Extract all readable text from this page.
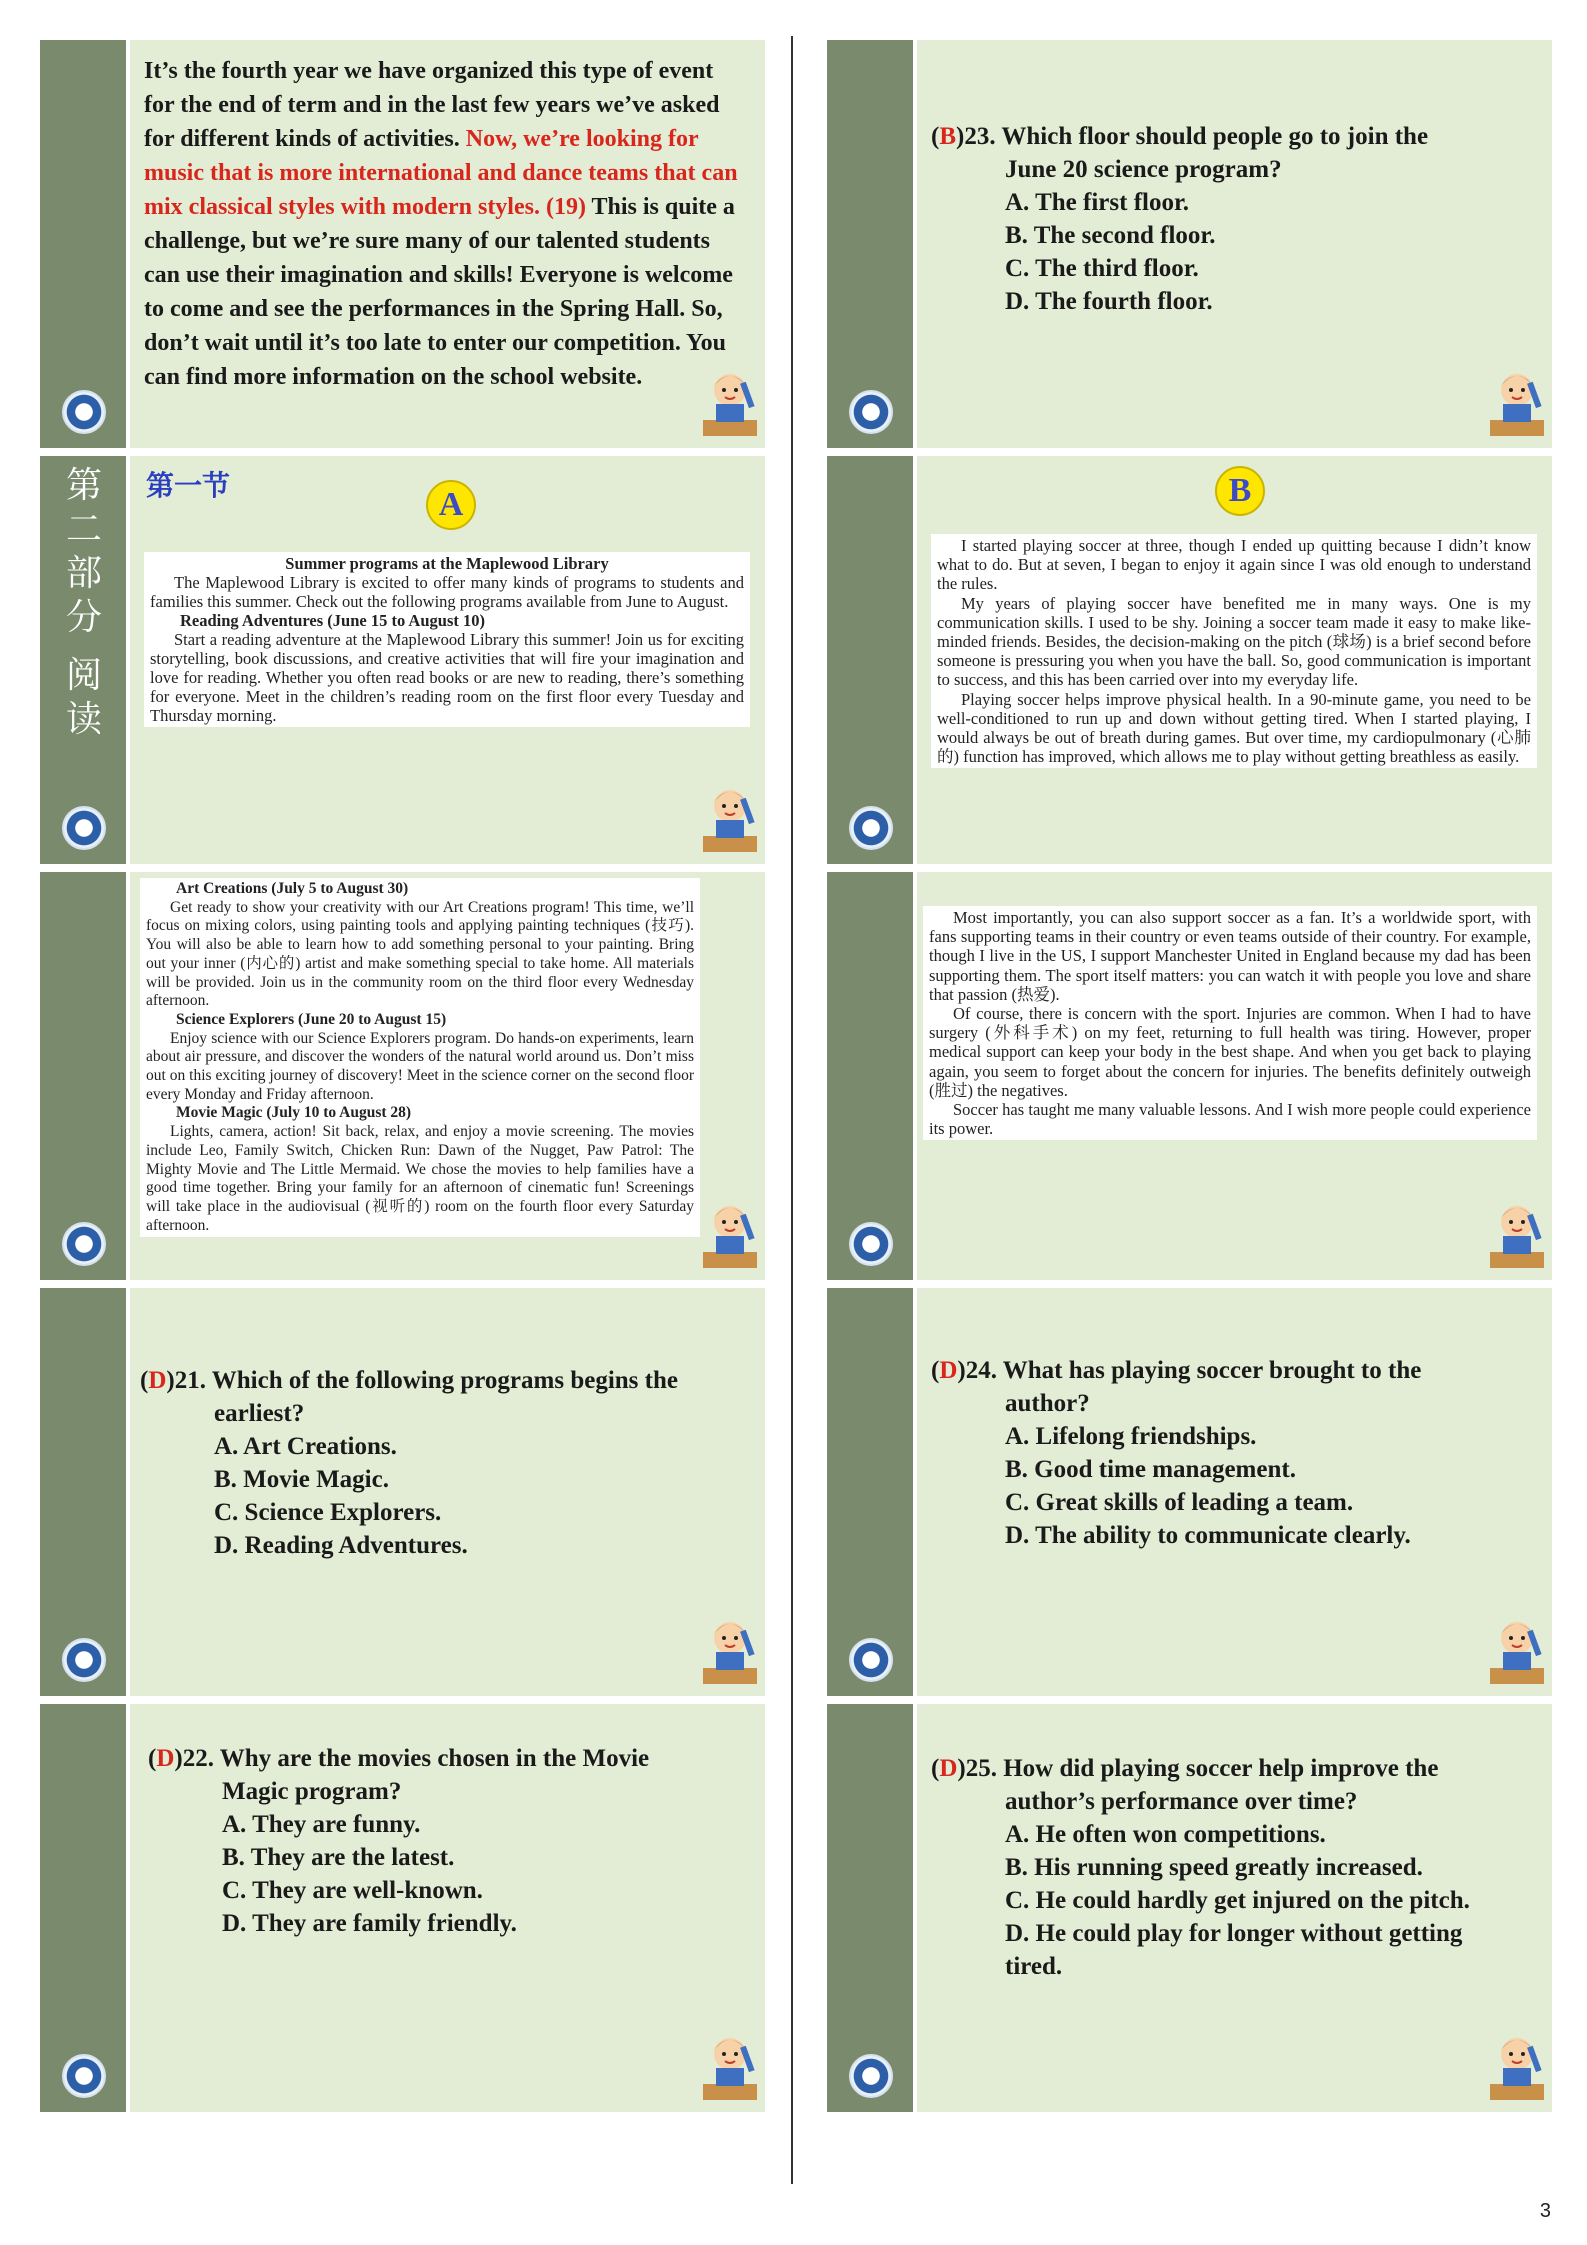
It’s the fourth year we have organized this type of event for the end of term and in the last few years we’ve asked for different kinds of activities. Now, we’re looking for music that is more international and dance teams that can mix classical styles with modern styles. (19) This is quite a challenge, but we’re sure many of our talented students can use their imagination and skills! Everyone is welcome to come and see the performances in the Spring Hall. So, don’t wait until it’s too late to enter our competition. You can find more information on the school website.
第
二
部
分
阅
读
第一节
A

Summer programs at the Maplewood Library

The Maplewood Library is excited to offer many kinds of programs to students and families this summer. Check out the following programs available from June to August.

Reading Adventures (June 15 to August 10)

Start a reading adventure at the Maplewood Library this summer! Join us for exciting storytelling, book discussions, and creative activities that will fire your imagination and love for reading. Whether you often read books or are new to reading, there’s something for everyone. Meet in the children’s reading room on the first floor every Tuesday and Thursday morning.

Art Creations (July 5 to August 30)

Get ready to show your creativity with our Art Creations program! This time, we’ll focus on mixing colors, using painting tools and applying painting techniques (技巧). You will also be able to learn how to add something personal to your painting. Bring out your inner (内心的) artist and make something special to take home. All materials will be provided. Join us in the community room on the third floor every Wednesday afternoon.

Science Explorers (June 20 to August 15)

Enjoy science with our Science Explorers program. Do hands-on experiments, learn about air pressure, and discover the wonders of the natural world around us. Don’t miss out on this exciting journey of discovery! Meet in the science corner on the second floor every Monday and Friday afternoon.

Movie Magic (July 10 to August 28)

Lights, camera, action! Sit back, relax, and enjoy a movie screening. The movies include Leo, Family Switch, Chicken Run: Dawn of the Nugget, Paw Patrol: The Mighty Movie and The Little Mermaid. We chose the movies to help families have a good time together. Bring your family for an afternoon of cinematic fun! Screenings will take place in the audiovisual (视听的) room on the fourth floor every Saturday afternoon.

(D)21. Which of the following programs begins the
earliest?
A. Art Creations.
B. Movie Magic.
C. Science Explorers.
D. Reading Adventures.
(D)22. Why are the movies chosen in the Movie
Magic program?
A. They are funny.
B. They are the latest.
C. They are well-known.
D. They are family friendly.
(B)23. Which floor should people go to join the
June 20 science program?
A. The first floor.
B. The second floor.
C. The third floor.
D. The fourth floor.
B

I started playing soccer at three, though I ended up quitting because I didn’t know what to do. But at seven, I began to enjoy it again since I was old enough to understand the rules.

My years of playing soccer have benefited me in many ways. One is my communication skills. I used to be shy. Joining a soccer team made it easy to make like-minded friends. Besides, the decision-making on the pitch (球场) is a brief second before someone is pressuring you when you have the ball. So, good communication is important to success, and this has been carried over into my everyday life.

Playing soccer helps improve physical health. In a 90-minute game, you need to be well-conditioned to run up and down without getting tired. When I started playing, I would always be out of breath during games. But over time, my cardiopulmonary (心肺的) function has improved, which allows me to play without getting breathless as easily.

Most importantly, you can also support soccer as a fan. It’s a worldwide sport, with fans supporting teams in their country or even teams outside of their country. For example, though I live in the US, I support Manchester United in England because my dad has been supporting them. The sport itself matters: you can watch it with people you love and share that passion (热爱).

Of course, there is concern with the sport. Injuries are common. When I had to have surgery (外科手术) on my feet, returning to full health was tiring. However, proper medical support can keep your body in the best shape. And when you get back to playing again, you seem to forget about the concern for injuries. The benefits definitely outweigh (胜过) the negatives.

Soccer has taught me many valuable lessons. And I wish more people could experience its power.

(D)24. What has playing soccer brought to the
author?
A. Lifelong friendships.
B. Good time management.
C. Great skills of leading a team.
D. The ability to communicate clearly.
(D)25. How did playing soccer help improve the
author’s performance over time?
A. He often won competitions.
B. His running speed greatly increased.
C. He could hardly get injured on the pitch.
D. He could play for longer without getting
tired.
3
